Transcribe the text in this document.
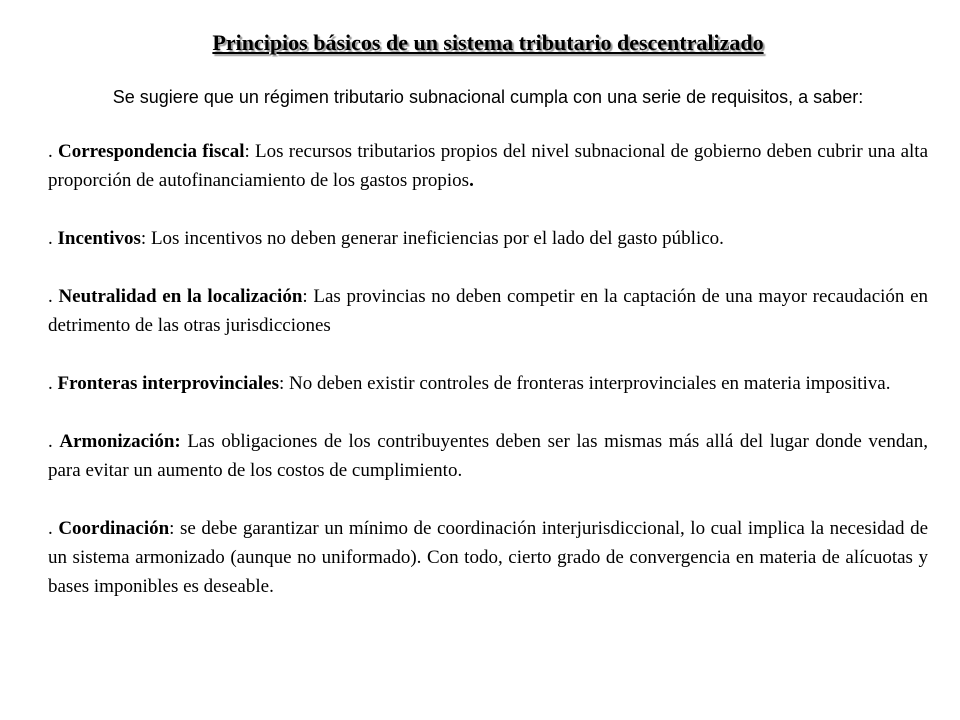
Principios básicos de un sistema tributario descentralizado

Se sugiere que un régimen tributario subnacional cumpla con una serie de requisitos, a saber:

. Correspondencia fiscal: Los recursos tributarios propios del nivel subnacional de gobierno deben cubrir una alta proporción de autofinanciamiento de los gastos propios.

. Incentivos: Los incentivos no deben generar ineficiencias por el lado del gasto público.

. Neutralidad en la localización: Las provincias no deben competir en la captación de una mayor recaudación en detrimento de las otras jurisdicciones

. Fronteras interprovinciales: No deben existir controles de fronteras interprovinciales en materia impositiva.

. Armonización: Las obligaciones de los contribuyentes deben ser las mismas más allá del lugar donde vendan, para evitar un aumento de los costos de cumplimiento.

. Coordinación: se debe garantizar un mínimo de coordinación interjurisdiccional, lo cual implica la necesidad de un sistema armonizado (aunque no uniformado). Con todo, cierto grado de convergencia en materia de alícuotas y bases imponibles es deseable.
